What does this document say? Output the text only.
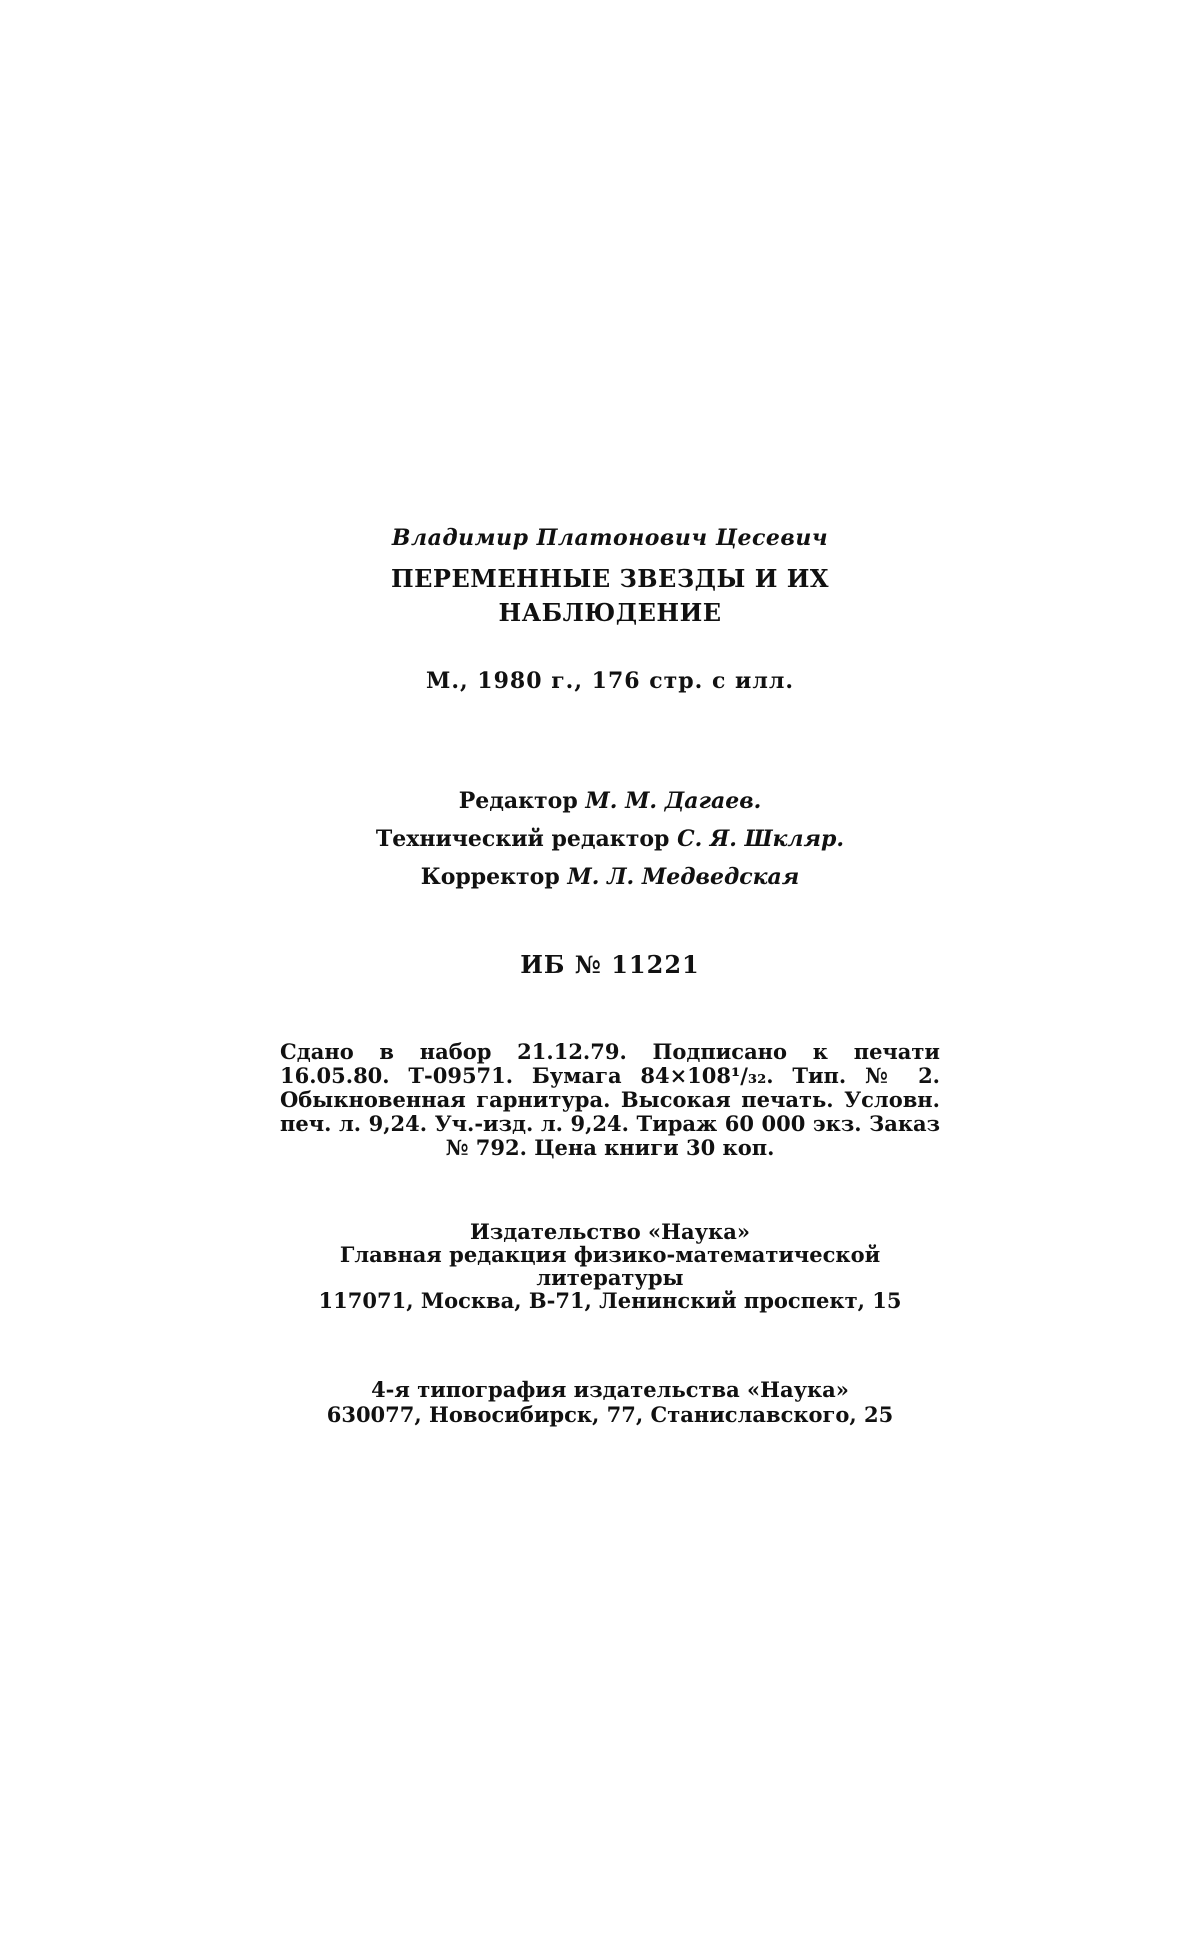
Владимир Платонович Цесевич
ПЕРЕМЕННЫЕ ЗВЕЗДЫ И ИХ
НАБЛЮДЕНИЕ
М., 1980 г., 176 стр. с илл.
Редактор М. М. Дагаев.
Технический редактор С. Я. Шкляр.
Корректор М. Л. Медведская
ИБ № 11221
Сдано в набор 21.12.79. Подписано к печати 16.05.80. Т-09571. Бумага 84×108¹/₃₂. Тип. № 2. Обыкновенная гарнитура. Высокая печать. Условн. печ. л. 9,24. Уч.-изд. л. 9,24. Тираж 60 000 экз. Заказ № 792. Цена книги 30 коп.
Издательство «Наука»
Главная редакция физико-математической
литературы
117071, Москва, В-71, Ленинский проспект, 15
4-я типография издательства «Наука»
630077, Новосибирск, 77, Станиславского, 25
